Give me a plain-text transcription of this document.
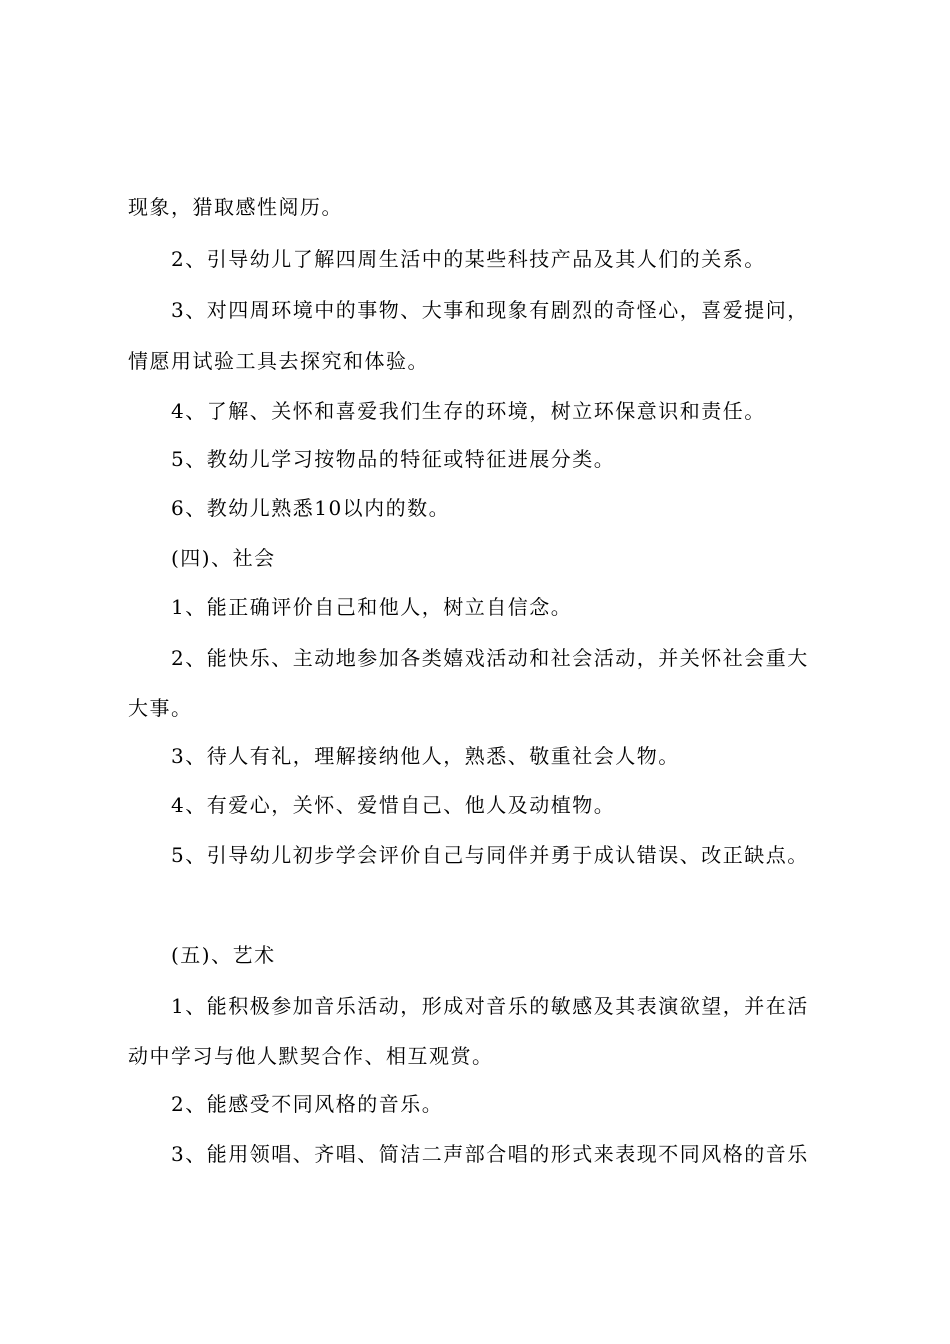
现象，猎取感性阅历。
2、引导幼儿了解四周生活中的某些科技产品及其人们的关系。
3、对四周环境中的事物、大事和现象有剧烈的奇怪心，喜爱提问，
情愿用试验工具去探究和体验。
4、了解、关怀和喜爱我们生存的环境，树立环保意识和责任。
5、教幼儿学习按物品的特征或特征进展分类。
6、教幼儿熟悉10以内的数。
(四)、社会
1、能正确评价自己和他人，树立自信念。
2、能快乐、主动地参加各类嬉戏活动和社会活动，并关怀社会重大
大事。
3、待人有礼，理解接纳他人，熟悉、敬重社会人物。
4、有爱心，关怀、爱惜自己、他人及动植物。
5、引导幼儿初步学会评价自己与同伴并勇于成认错误、改正缺点。
(五)、艺术
1、能积极参加音乐活动，形成对音乐的敏感及其表演欲望，并在活
动中学习与他人默契合作、相互观赏。
2、能感受不同风格的音乐。
3、能用领唱、齐唱、简洁二声部合唱的形式来表现不同风格的音乐
